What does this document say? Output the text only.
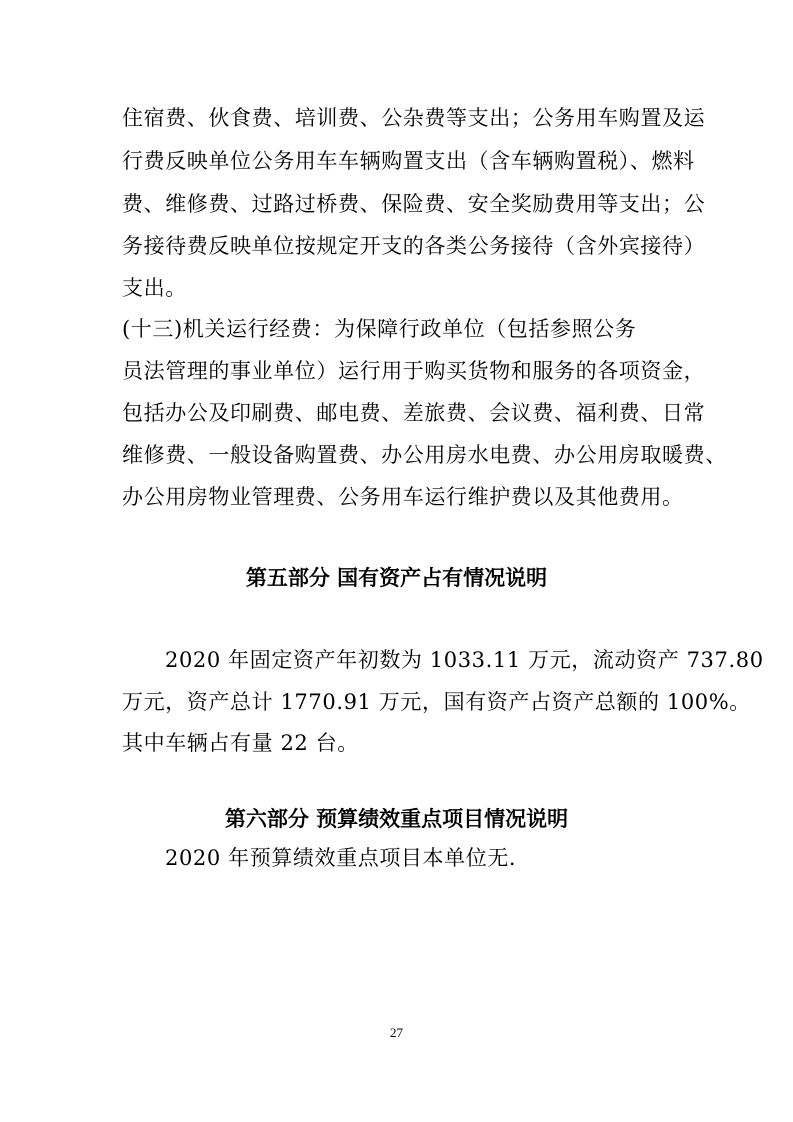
住宿费、伙食费、培训费、公杂费等支出；公务用车购置及运
行费反映单位公务用车车辆购置支出（含车辆购置税）、燃料
费、维修费、过路过桥费、保险费、安全奖励费用等支出；公
务接待费反映单位按规定开支的各类公务接待（含外宾接待）
支出。
(十三)机关运行经费：为保障行政单位（包括参照公务
员法管理的事业单位）运行用于购买货物和服务的各项资金，
包括办公及印刷费、邮电费、差旅费、会议费、福利费、日常
维修费、一般设备购置费、办公用房水电费、办公用房取暖费、
办公用房物业管理费、公务用车运行维护费以及其他费用。
第五部分 国有资产占有情况说明
2020 年固定资产年初数为 1033.11 万元，流动资产 737.80
万元，资产总计 1770.91 万元，国有资产占资产总额的 100%。
其中车辆占有量 22 台。
第六部分 预算绩效重点项目情况说明
2020 年预算绩效重点项目本单位无.
27
